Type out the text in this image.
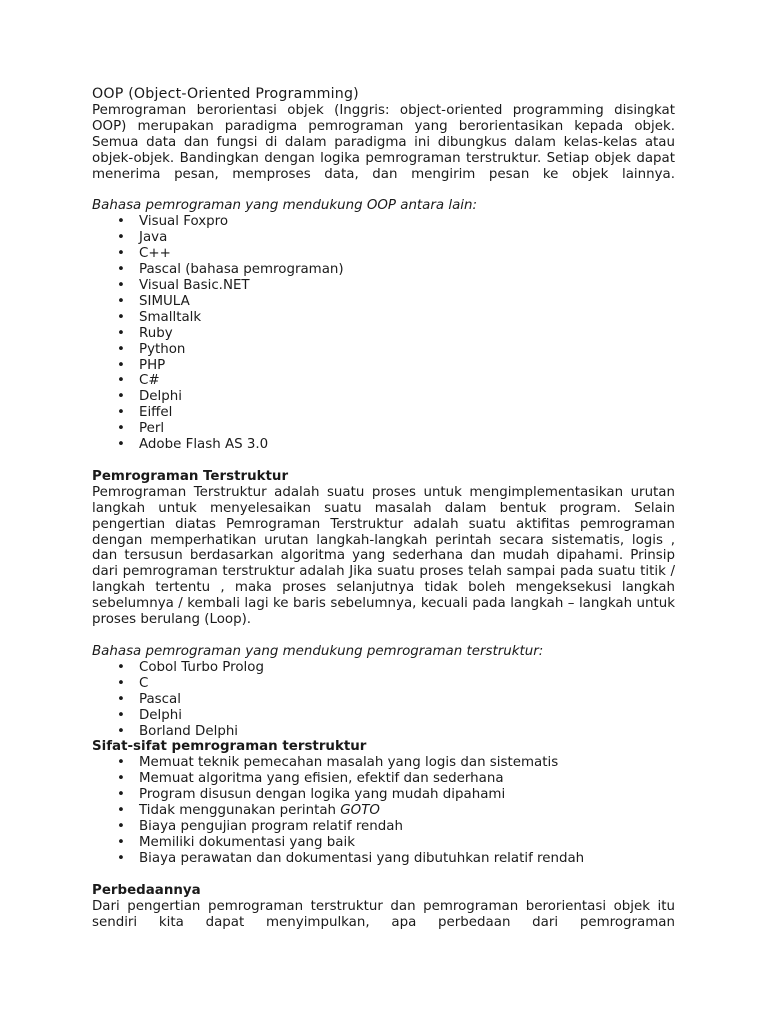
OOP (Object-Oriented Programming)

Pemrograman berorientasi objek (Inggris: object-oriented programming disingkat OOP) merupakan paradigma pemrograman yang berorientasikan kepada objek. Semua data dan fungsi di dalam paradigma ini dibungkus dalam kelas-kelas atau objek-objek. Bandingkan dengan logika pemrograman terstruktur. Setiap objek dapat menerima pesan, memproses data, dan mengirim pesan ke objek lainnya.

Bahasa pemrograman yang mendukung OOP antara lain:

• Visual Foxpro
• Java
• C++
• Pascal (bahasa pemrograman)
• Visual Basic.NET
• SIMULA
• Smalltalk
• Ruby
• Python
• PHP
• C#
• Delphi
• Eiffel
• Perl
• Adobe Flash AS 3.0
Pemrograman Terstruktur

Pemrograman Terstruktur adalah suatu proses untuk mengimplementasikan urutan langkah untuk menyelesaikan suatu masalah dalam bentuk program. Selain pengertian diatas Pemrograman Terstruktur adalah suatu aktifitas pemrograman dengan memperhatikan urutan langkah-langkah perintah secara sistematis, logis , dan tersusun berdasarkan algoritma yang sederhana dan mudah dipahami. Prinsip dari pemrograman terstruktur adalah Jika suatu proses telah sampai pada suatu titik / langkah tertentu , maka proses selanjutnya tidak boleh mengeksekusi langkah sebelumnya / kembali lagi ke baris sebelumnya, kecuali pada langkah – langkah untuk proses berulang (Loop).

Bahasa pemrograman yang mendukung pemrograman terstruktur:

• Cobol Turbo Prolog
• C
• Pascal
• Delphi
• Borland Delphi
Sifat-sifat pemrograman terstruktur
• Memuat teknik pemecahan masalah yang logis dan sistematis
• Memuat algoritma yang efisien, efektif dan sederhana
• Program disusun dengan logika yang mudah dipahami
• Tidak menggunakan perintah GOTO
• Biaya pengujian program relatif rendah
• Memiliki dokumentasi yang baik
• Biaya perawatan dan dokumentasi yang dibutuhkan relatif rendah
Perbedaannya

Dari pengertian pemrograman terstruktur dan pemrograman berorientasi objek itu sendiri kita dapat menyimpulkan, apa perbedaan dari pemrograman
